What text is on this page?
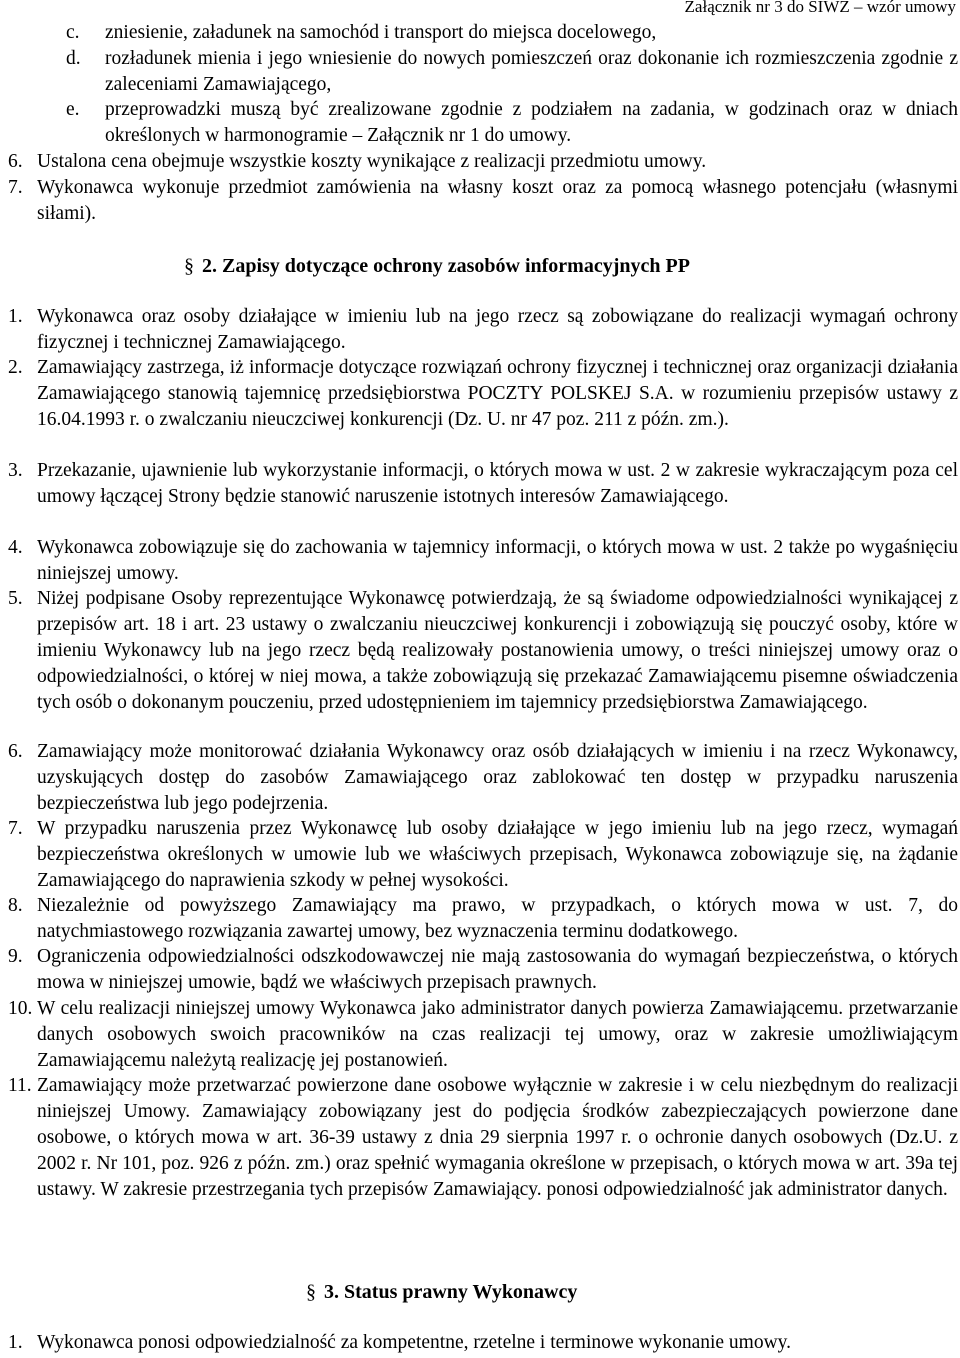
Załącznik nr 3 do SIWZ – wzór umowy
c. zniesienie, załadunek na samochód i transport do miejsca docelowego,
d. rozładunek mienia i jego wniesienie do nowych pomieszczeń oraz dokonanie ich rozmieszczenia zgodnie z zaleceniami Zamawiającego,
e. przeprowadzki muszą być zrealizowane zgodnie z podziałem na zadania, w godzinach oraz w dniach określonych w harmonogramie – Załącznik nr 1 do umowy.
6. Ustalona cena obejmuje wszystkie koszty wynikające z realizacji przedmiotu umowy.
7. Wykonawca wykonuje przedmiot zamówienia na własny koszt oraz za pomocą własnego potencjału (własnymi siłami).
§ 2. Zapisy dotyczące ochrony zasobów informacyjnych PP
1. Wykonawca oraz osoby działające w imieniu lub na jego rzecz są zobowiązane do realizacji wymagań ochrony fizycznej i technicznej Zamawiającego.
2. Zamawiający zastrzega, iż informacje dotyczące rozwiązań ochrony fizycznej i technicznej oraz organizacji działania Zamawiającego stanowią tajemnicę przedsiębiorstwa POCZTY POLSKEJ S.A. w rozumieniu przepisów ustawy z 16.04.1993 r. o zwalczaniu nieuczciwej konkurencji (Dz. U. nr 47 poz. 211 z późn. zm.).
3. Przekazanie, ujawnienie lub wykorzystanie informacji, o których mowa w ust. 2 w zakresie wykraczającym poza cel umowy łączącej Strony będzie stanowić naruszenie istotnych interesów Zamawiającego.
4. Wykonawca zobowiązuje się do zachowania w tajemnicy informacji, o których mowa w ust. 2 także po wygaśnięciu niniejszej umowy.
5. Niżej podpisane Osoby reprezentujące Wykonawcę potwierdzają, że są świadome odpowiedzialności wynikającej z przepisów art. 18 i art. 23 ustawy o zwalczaniu nieuczciwej konkurencji i zobowiązują się pouczyć osoby, które w imieniu Wykonawcy lub na jego rzecz będą realizowały postanowienia umowy, o treści niniejszej umowy oraz o odpowiedzialności, o której w niej mowa, a także zobowiązują się przekazać Zamawiającemu pisemne oświadczenia tych osób o dokonanym pouczeniu, przed udostępnieniem im tajemnicy przedsiębiorstwa Zamawiającego.
6. Zamawiający może monitorować działania Wykonawcy oraz osób działających w imieniu i na rzecz Wykonawcy, uzyskujących dostęp do zasobów Zamawiającego oraz zablokować ten dostęp w przypadku naruszenia bezpieczeństwa lub jego podejrzenia.
7. W przypadku naruszenia przez Wykonawcę lub osoby działające w jego imieniu lub na jego rzecz, wymagań bezpieczeństwa określonych w umowie lub we właściwych przepisach, Wykonawca zobowiązuje się, na żądanie Zamawiającego do naprawienia szkody w pełnej wysokości.
8. Niezależnie od powyższego Zamawiający ma prawo, w przypadkach, o których mowa w ust. 7, do natychmiastowego rozwiązania zawartej umowy, bez wyznaczenia terminu dodatkowego.
9. Ograniczenia odpowiedzialności odszkodowawczej nie mają zastosowania do wymagań bezpieczeństwa, o których mowa w niniejszej umowie, bądź we właściwych przepisach prawnych.
10. W celu realizacji niniejszej umowy Wykonawca jako administrator danych powierza Zamawiającemu. przetwarzanie danych osobowych swoich pracowników na czas realizacji tej umowy, oraz w zakresie umożliwiającym Zamawiającemu należytą realizację jej postanowień.
11. Zamawiający może przetwarzać powierzone dane osobowe wyłącznie w zakresie i w celu niezbędnym do realizacji niniejszej Umowy. Zamawiający zobowiązany jest do podjęcia środków zabezpieczających powierzone dane osobowe, o których mowa w art. 36-39 ustawy z dnia 29 sierpnia 1997 r. o ochronie danych osobowych (Dz.U. z 2002 r. Nr 101, poz. 926 z późn. zm.) oraz spełnić wymagania określone w przepisach, o których mowa w art. 39a tej ustawy. W zakresie przestrzegania tych przepisów Zamawiający. ponosi odpowiedzialność jak administrator danych.
§ 3. Status prawny Wykonawcy
1. Wykonawca ponosi odpowiedzialność za kompetentne, rzetelne i terminowe wykonanie umowy.
